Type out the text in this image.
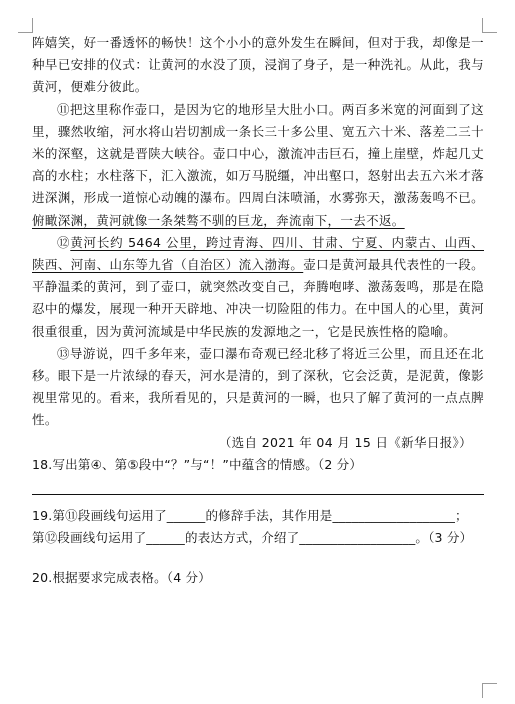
阵嬉笑，好一番透怀的畅快！这个小小的意外发生在瞬间，但对于我，却像是一种早已安排的仪式：让黄河的水没了顶，浸润了身子，是一种洗礼。从此，我与黄河，便难分彼此。

⑪把这里称作壶口，是因为它的地形呈大肚小口。两百多米宽的河面到了这里，骤然收缩，河水将山岩切割成一条长三十多公里、宽五六十米、落差二三十米的深壑，这就是晋陕大峡谷。壶口中心，激流冲击巨石，撞上崖壁，炸起几丈高的水柱；水柱落下，汇入激流，如万马脱缰，冲出壑口，怒射出去五六米才落进深渊，形成一道惊心动魄的瀑布。四周白沫喷涌，水雾弥天，激荡轰鸣不已。俯瞰深渊，黄河就像一条桀骜不驯的巨龙，奔流南下，一去不返。

⑫黄河长约 5464 公里，跨过青海、四川、甘肃、宁夏、内蒙古、山西、陕西、河南、山东等九省（自治区）流入渤海。壶口是黄河最具代表性的一段。平静温柔的黄河，到了壶口，就突然改变自己，奔腾咆哮、激荡轰鸣，那是在隐忍中的爆发，展现一种开天辟地、冲决一切险阻的伟力。在中国人的心里，黄河很重很重，因为黄河流域是中华民族的发源地之一，它是民族性格的隐喻。

⑬导游说，四千多年来，壶口瀑布奇观已经北移了将近三公里，而且还在北移。眼下是一片浓绿的春天，河水是清的，到了深秋，它会泛黄，是泥黄，像影视里常见的。看来，我所看见的，只是黄河的一瞬，也只了解了黄河的一点点脾性。

（选自 2021 年 04 月 15 日《新华日报》）

18.写出第④、第⑤段中“？”与“！”中蕴含的情感。（2 分）

19.第⑪段画线句运用了______的修辞手法，其作用是___________________；

第⑫段画线句运用了______的表达方式，介绍了__________________。（3 分）

20.根据要求完成表格。（4 分）
